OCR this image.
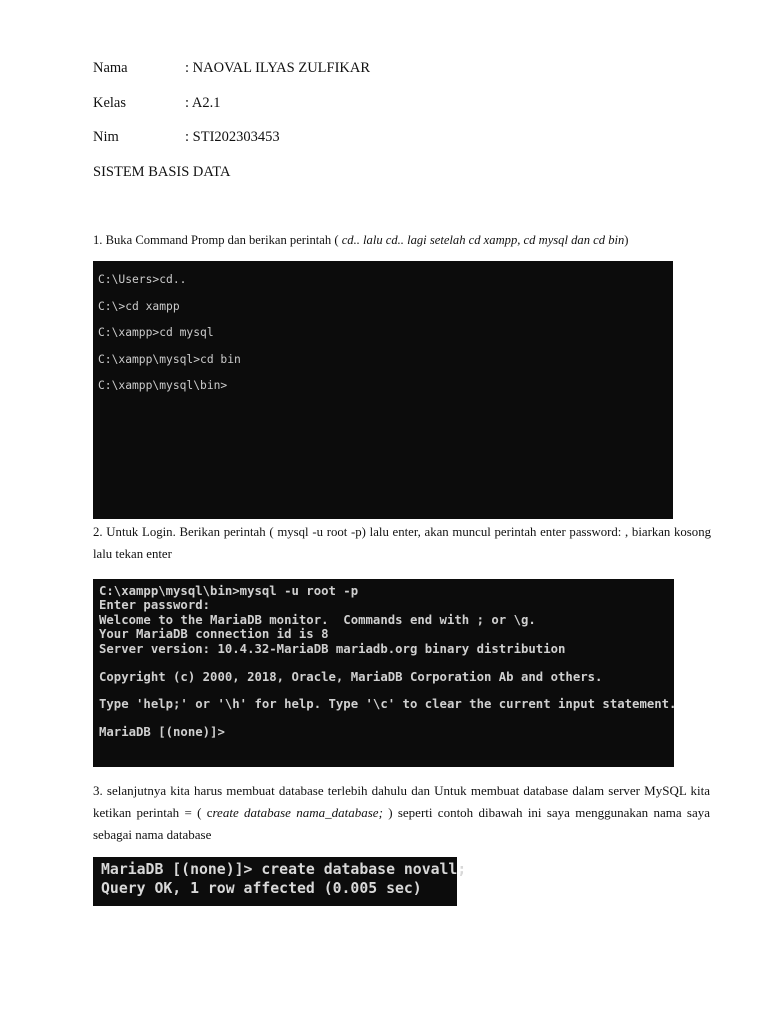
Nama	: NAOVAL ILYAS ZULFIKAR
Kelas	: A2.1
Nim	: STI202303453
SISTEM BASIS DATA
1. Buka Command Promp dan berikan perintah ( cd.. lalu cd.. lagi setelah cd xampp, cd mysql dan cd bin)
C:\Users>cd..
C:\>cd xampp
C:\xampp>cd mysql
C:\xampp\mysql>cd bin
C:\xampp\mysql\bin>
2. Untuk Login. Berikan perintah ( mysql -u root -p) lalu enter, akan muncul perintah enter password: , biarkan kosong lalu tekan enter
C:\xampp\mysql\bin>mysql -u root -p
Enter password:
Welcome to the MariaDB monitor.  Commands end with ; or \g.
Your MariaDB connection id is 8
Server version: 10.4.32-MariaDB mariadb.org binary distribution
Copyright (c) 2000, 2018, Oracle, MariaDB Corporation Ab and others.
Type 'help;' or '\h' for help. Type '\c' to clear the current input statement.
MariaDB [(none)]>
3. selanjutnya kita harus membuat database terlebih dahulu dan Untuk membuat database dalam server MySQL kita ketikan perintah = ( create database nama_database; ) seperti contoh dibawah ini saya menggunakan nama saya sebagai nama database
MariaDB [(none)]> create database novall;
Query OK, 1 row affected (0.005 sec)
